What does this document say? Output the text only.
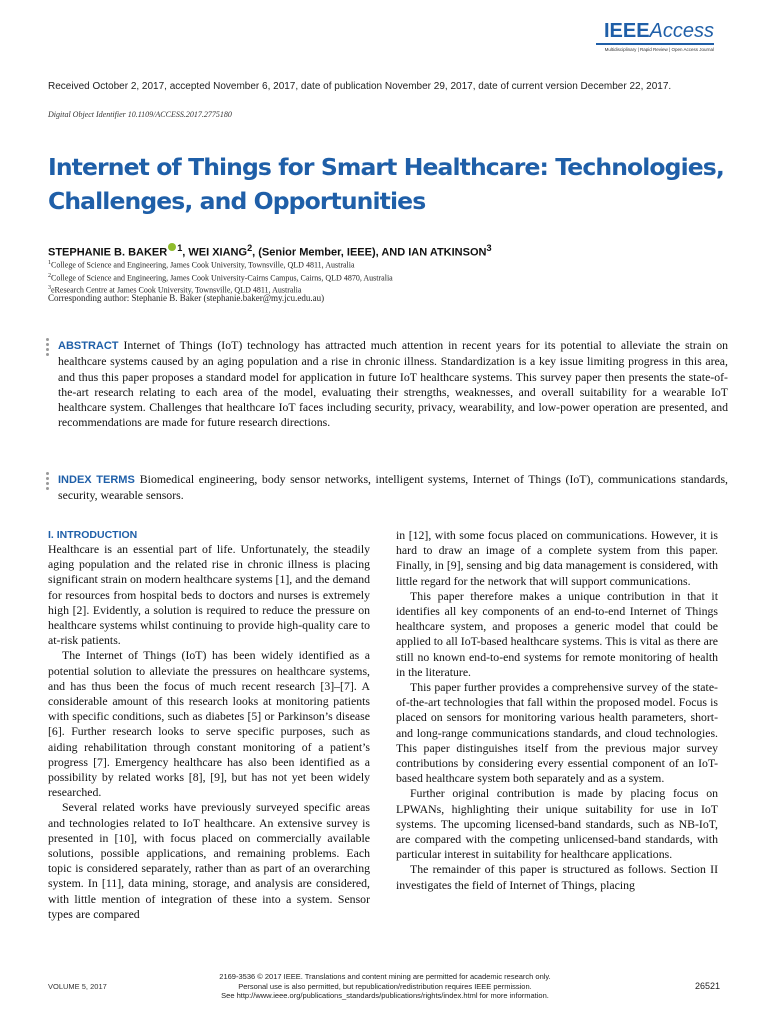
IEEEAccess
Multidisciplinary | Rapid Review | Open Access Journal
Received October 2, 2017, accepted November 6, 2017, date of publication November 29, 2017, date of current version December 22, 2017.
Digital Object Identifier 10.1109/ACCESS.2017.2775180
Internet of Things for Smart Healthcare: Technologies, Challenges, and Opportunities
STEPHANIE B. BAKER $^1$, WEI XIANG$^2$, (Senior Member, IEEE), AND IAN ATKINSON$^3$
$^1$College of Science and Engineering, James Cook University, Townsville, QLD 4811, Australia
$^2$College of Science and Engineering, James Cook University-Cairns Campus, Cairns, QLD 4870, Australia
$^3$eResearch Centre at James Cook University, Townsville, QLD 4811, Australia
Corresponding author: Stephanie B. Baker (stephanie.baker@my.jcu.edu.au)
ABSTRACT Internet of Things (IoT) technology has attracted much attention in recent years for its potential to alleviate the strain on healthcare systems caused by an aging population and a rise in chronic illness. Standardization is a key issue limiting progress in this area, and thus this paper proposes a standard model for application in future IoT healthcare systems. This survey paper then presents the state-of-the-art research relating to each area of the model, evaluating their strengths, weaknesses, and overall suitability for a wearable IoT healthcare system. Challenges that healthcare IoT faces including security, privacy, wearability, and low-power operation are presented, and recommendations are made for future research directions.
INDEX TERMS Biomedical engineering, body sensor networks, intelligent systems, Internet of Things (IoT), communications standards, security, wearable sensors.
I. INTRODUCTION

Healthcare is an essential part of life. Unfortunately, the steadily aging population and the related rise in chronic illness is placing significant strain on modern healthcare systems [1], and the demand for resources from hospital beds to doctors and nurses is extremely high [2]. Evidently, a solution is required to reduce the pressure on healthcare systems whilst continuing to provide high-quality care to at-risk patients.

The Internet of Things (IoT) has been widely identified as a potential solution to alleviate the pressures on healthcare systems, and has thus been the focus of much recent research [3]–[7]. A considerable amount of this research looks at monitoring patients with specific conditions, such as diabetes [5] or Parkinson’s disease [6]. Further research looks to serve specific purposes, such as aiding rehabilitation through constant monitoring of a patient’s progress [7]. Emergency healthcare has also been identified as a possibility by related works [8], [9], but has not yet been widely researched.

Several related works have previously surveyed specific areas and technologies related to IoT healthcare. An extensive survey is presented in [10], with focus placed on commercially available solutions, possible applications, and remaining problems. Each topic is considered separately, rather than as part of an overarching system. In [11], data mining, storage, and analysis are considered, with little mention of integration of these into a system. Sensor types are compared

in [12], with some focus placed on communications. However, it is hard to draw an image of a complete system from this paper. Finally, in [9], sensing and big data management is considered, with little regard for the network that will support communications.

This paper therefore makes a unique contribution in that it identifies all key components of an end-to-end Internet of Things healthcare system, and proposes a generic model that could be applied to all IoT-based healthcare systems. This is vital as there are still no known end-to-end systems for remote monitoring of health in the literature.

This paper further provides a comprehensive survey of the state-of-the-art technologies that fall within the proposed model. Focus is placed on sensors for monitoring various health parameters, short- and long-range communications standards, and cloud technologies. This paper distinguishes itself from the previous major survey contributions by considering every essential component of an IoT-based healthcare system both separately and as a system.

Further original contribution is made by placing focus on LPWANs, highlighting their unique suitability for use in IoT systems. The upcoming licensed-band standards, such as NB-IoT, are compared with the competing unlicensed-band standards, with particular interest in suitability for healthcare applications.

The remainder of this paper is structured as follows. Section II investigates the field of Internet of Things, placing

VOLUME 5, 2017
2169-3536 © 2017 IEEE. Translations and content mining are permitted for academic research only.
Personal use is also permitted, but republication/redistribution requires IEEE permission.
See http://www.ieee.org/publications_standards/publications/rights/index.html for more information.
26521
